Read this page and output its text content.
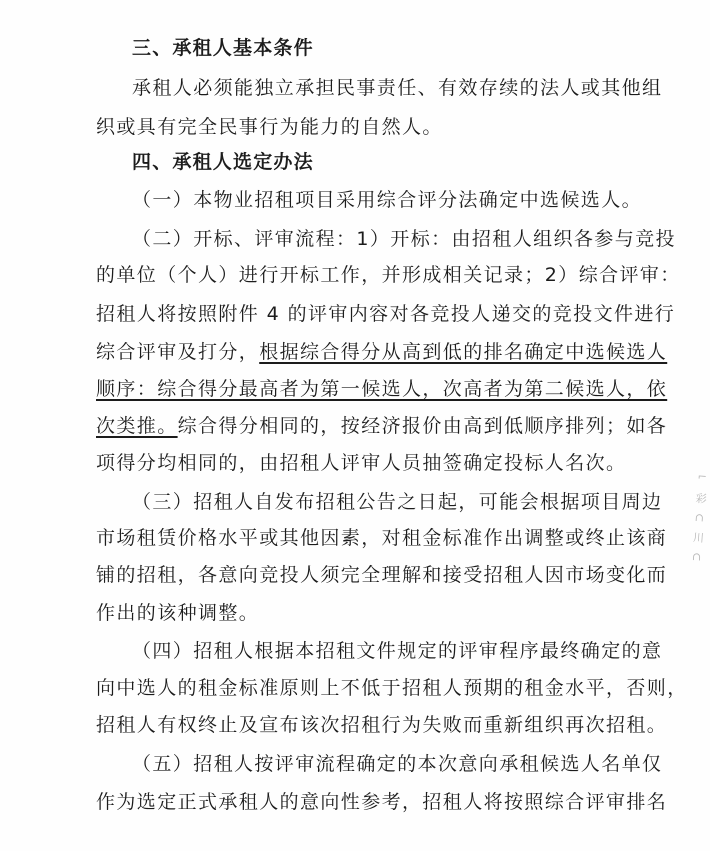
三、承租人基本条件
承租人必须能独立承担民事责任、有效存续的法人或其他组
织或具有完全民事行为能力的自然人。
四、承租人选定办法
（一）本物业招租项目采用综合评分法确定中选候选人。
（二）开标、评审流程：1）开标：由招租人组织各参与竞投
的单位（个人）进行开标工作，并形成相关记录；2）综合评审：
招租人将按照附件 4 的评审内容对各竞投人递交的竞投文件进行
综合评审及打分，根据综合得分从高到低的排名确定中选候选人
顺序：综合得分最高者为第一候选人，次高者为第二候选人，依
次类推。综合得分相同的，按经济报价由高到低顺序排列；如各
项得分均相同的，由招租人评审人员抽签确定投标人名次。
（三）招租人自发布招租公告之日起，可能会根据项目周边
市场租赁价格水平或其他因素，对租金标准作出调整或终止该商
铺的招租，各意向竞投人须完全理解和接受招租人因市场变化而
作出的该种调整。
（四）招租人根据本招租文件规定的评审程序最终确定的意
向中选人的租金标准原则上不低于招租人预期的租金水平，否则，
招租人有权终止及宣布该次招租行为失败而重新组织再次招租。
（五）招租人按评审流程确定的本次意向承租候选人名单仅
作为选定正式承租人的意向性参考，招租人将按照综合评审排名
⌐ 彩 ⊂ 川 ⊂
